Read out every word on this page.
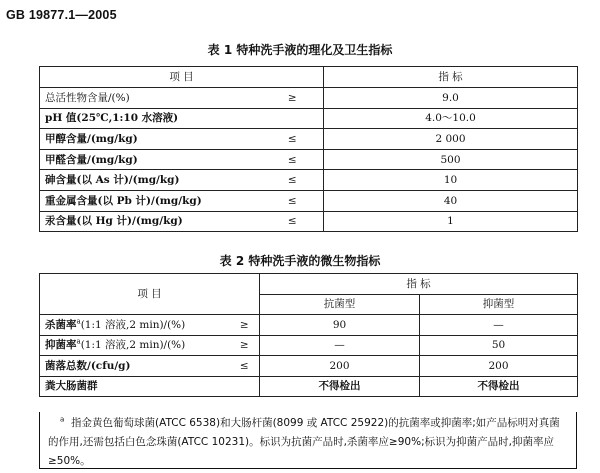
GB 19877.1—2005
表 1 特种洗手液的理化及卫生指标
项 目		指 标
总活性物含量/(%)	≥	9.0
pH 值(25℃,1:10 水溶液)		4.0～10.0
甲醇含量/(mg/kg)	≤	2 000
甲醛含量/(mg/kg)	≤	500
砷含量(以 As 计)/(mg/kg)	≤	10
重金属含量(以 Pb 计)/(mg/kg)	≤	40
汞含量(以 Hg 计)/(mg/kg)	≤	1
表 2 特种洗手液的微生物指标
项 目		指 标	
		抗菌型	抑菌型
杀菌率$^a$(1:1 溶液,2 min)/(%)	≥	90	—
抑菌率$^a$(1:1 溶液,2 min)/(%)	≥	—	50
菌落总数/(cfu/g)	≤	200	200
粪大肠菌群		不得检出	不得检出
$^a$ 指金黄色葡萄球菌(ATCC 6538)和大肠杆菌(8099 或 ATCC 25922)的抗菌率或抑菌率;如产品标明对真菌的作用,还需包括白色念珠菌(ATCC 10231)。标识为抗菌产品时,杀菌率应≥90%;标识为抑菌产品时,抑菌率应≥50%。
